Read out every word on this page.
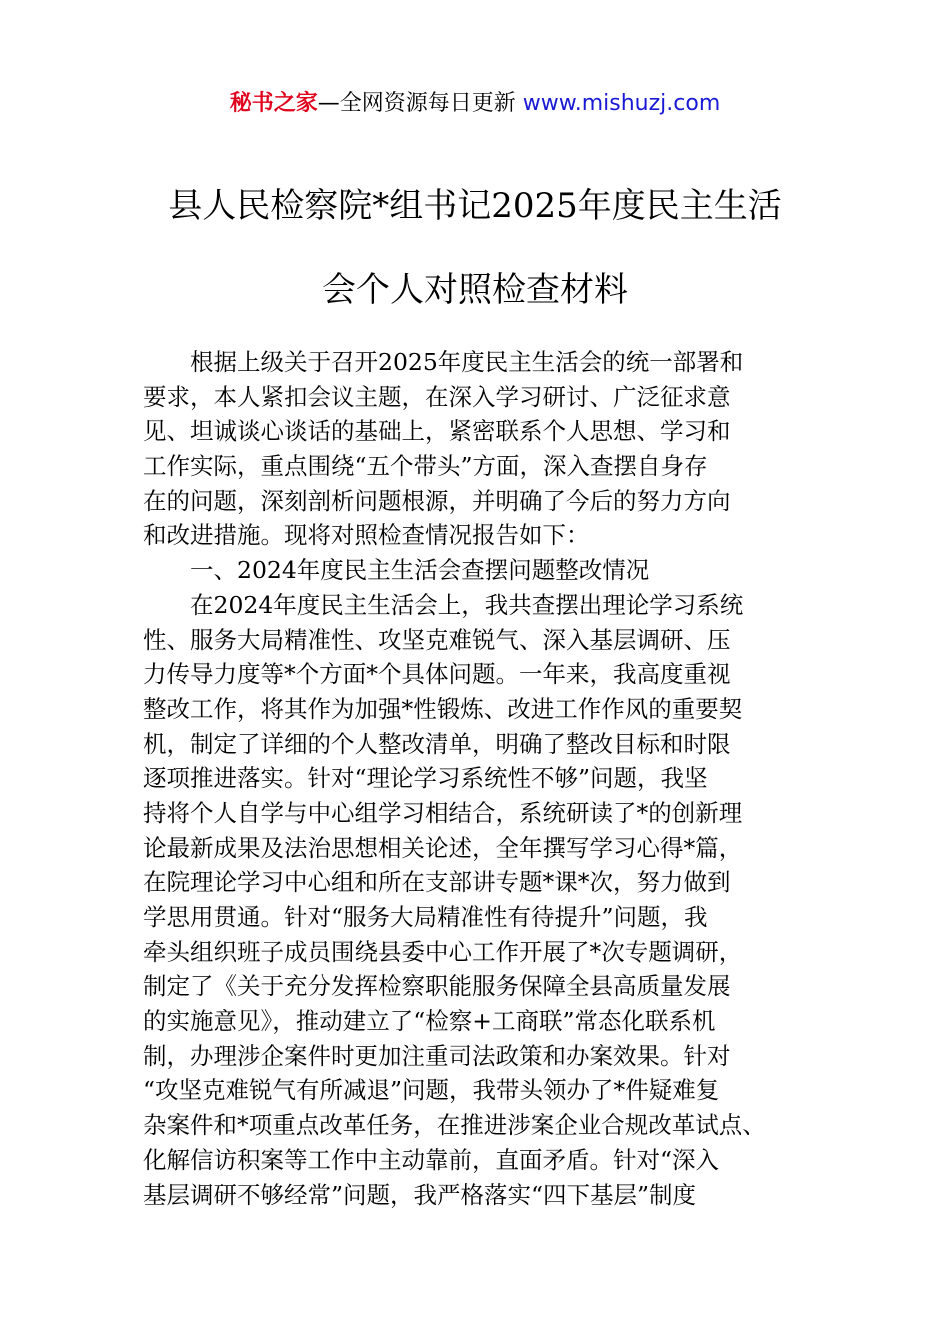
秘书之家—全网资源每日更新 www.mishuzj.com
县人民检察院*组书记2025年度民主生活
会个人对照检查材料
根据上级关于召开2025年度民主生活会的统一部署和
要求，本人紧扣会议主题，在深入学习研讨、广泛征求意
见、坦诚谈心谈话的基础上，紧密联系个人思想、学习和
工作实际，重点围绕“五个带头”方面，深入查摆自身存
在的问题，深刻剖析问题根源，并明确了今后的努力方向
和改进措施。现将对照检查情况报告如下：
一、2024年度民主生活会查摆问题整改情况
在2024年度民主生活会上，我共查摆出理论学习系统
性、服务大局精准性、攻坚克难锐气、深入基层调研、压
力传导力度等*个方面*个具体问题。一年来，我高度重视
整改工作，将其作为加强*性锻炼、改进工作作风的重要契
机，制定了详细的个人整改清单，明确了整改目标和时限
逐项推进落实。针对“理论学习系统性不够”问题，我坚
持将个人自学与中心组学习相结合，系统研读了*的创新理
论最新成果及法治思想相关论述，全年撰写学习心得*篇，
在院理论学习中心组和所在支部讲专题*课*次，努力做到
学思用贯通。针对“服务大局精准性有待提升”问题，我
牵头组织班子成员围绕县委中心工作开展了*次专题调研，
制定了《关于充分发挥检察职能服务保障全县高质量发展
的实施意见》，推动建立了“检察+工商联”常态化联系机
制，办理涉企案件时更加注重司法政策和办案效果。针对
“攻坚克难锐气有所减退”问题，我带头领办了*件疑难复
杂案件和*项重点改革任务，在推进涉案企业合规改革试点、
化解信访积案等工作中主动靠前，直面矛盾。针对“深入
基层调研不够经常”问题，我严格落实“四下基层”制度
